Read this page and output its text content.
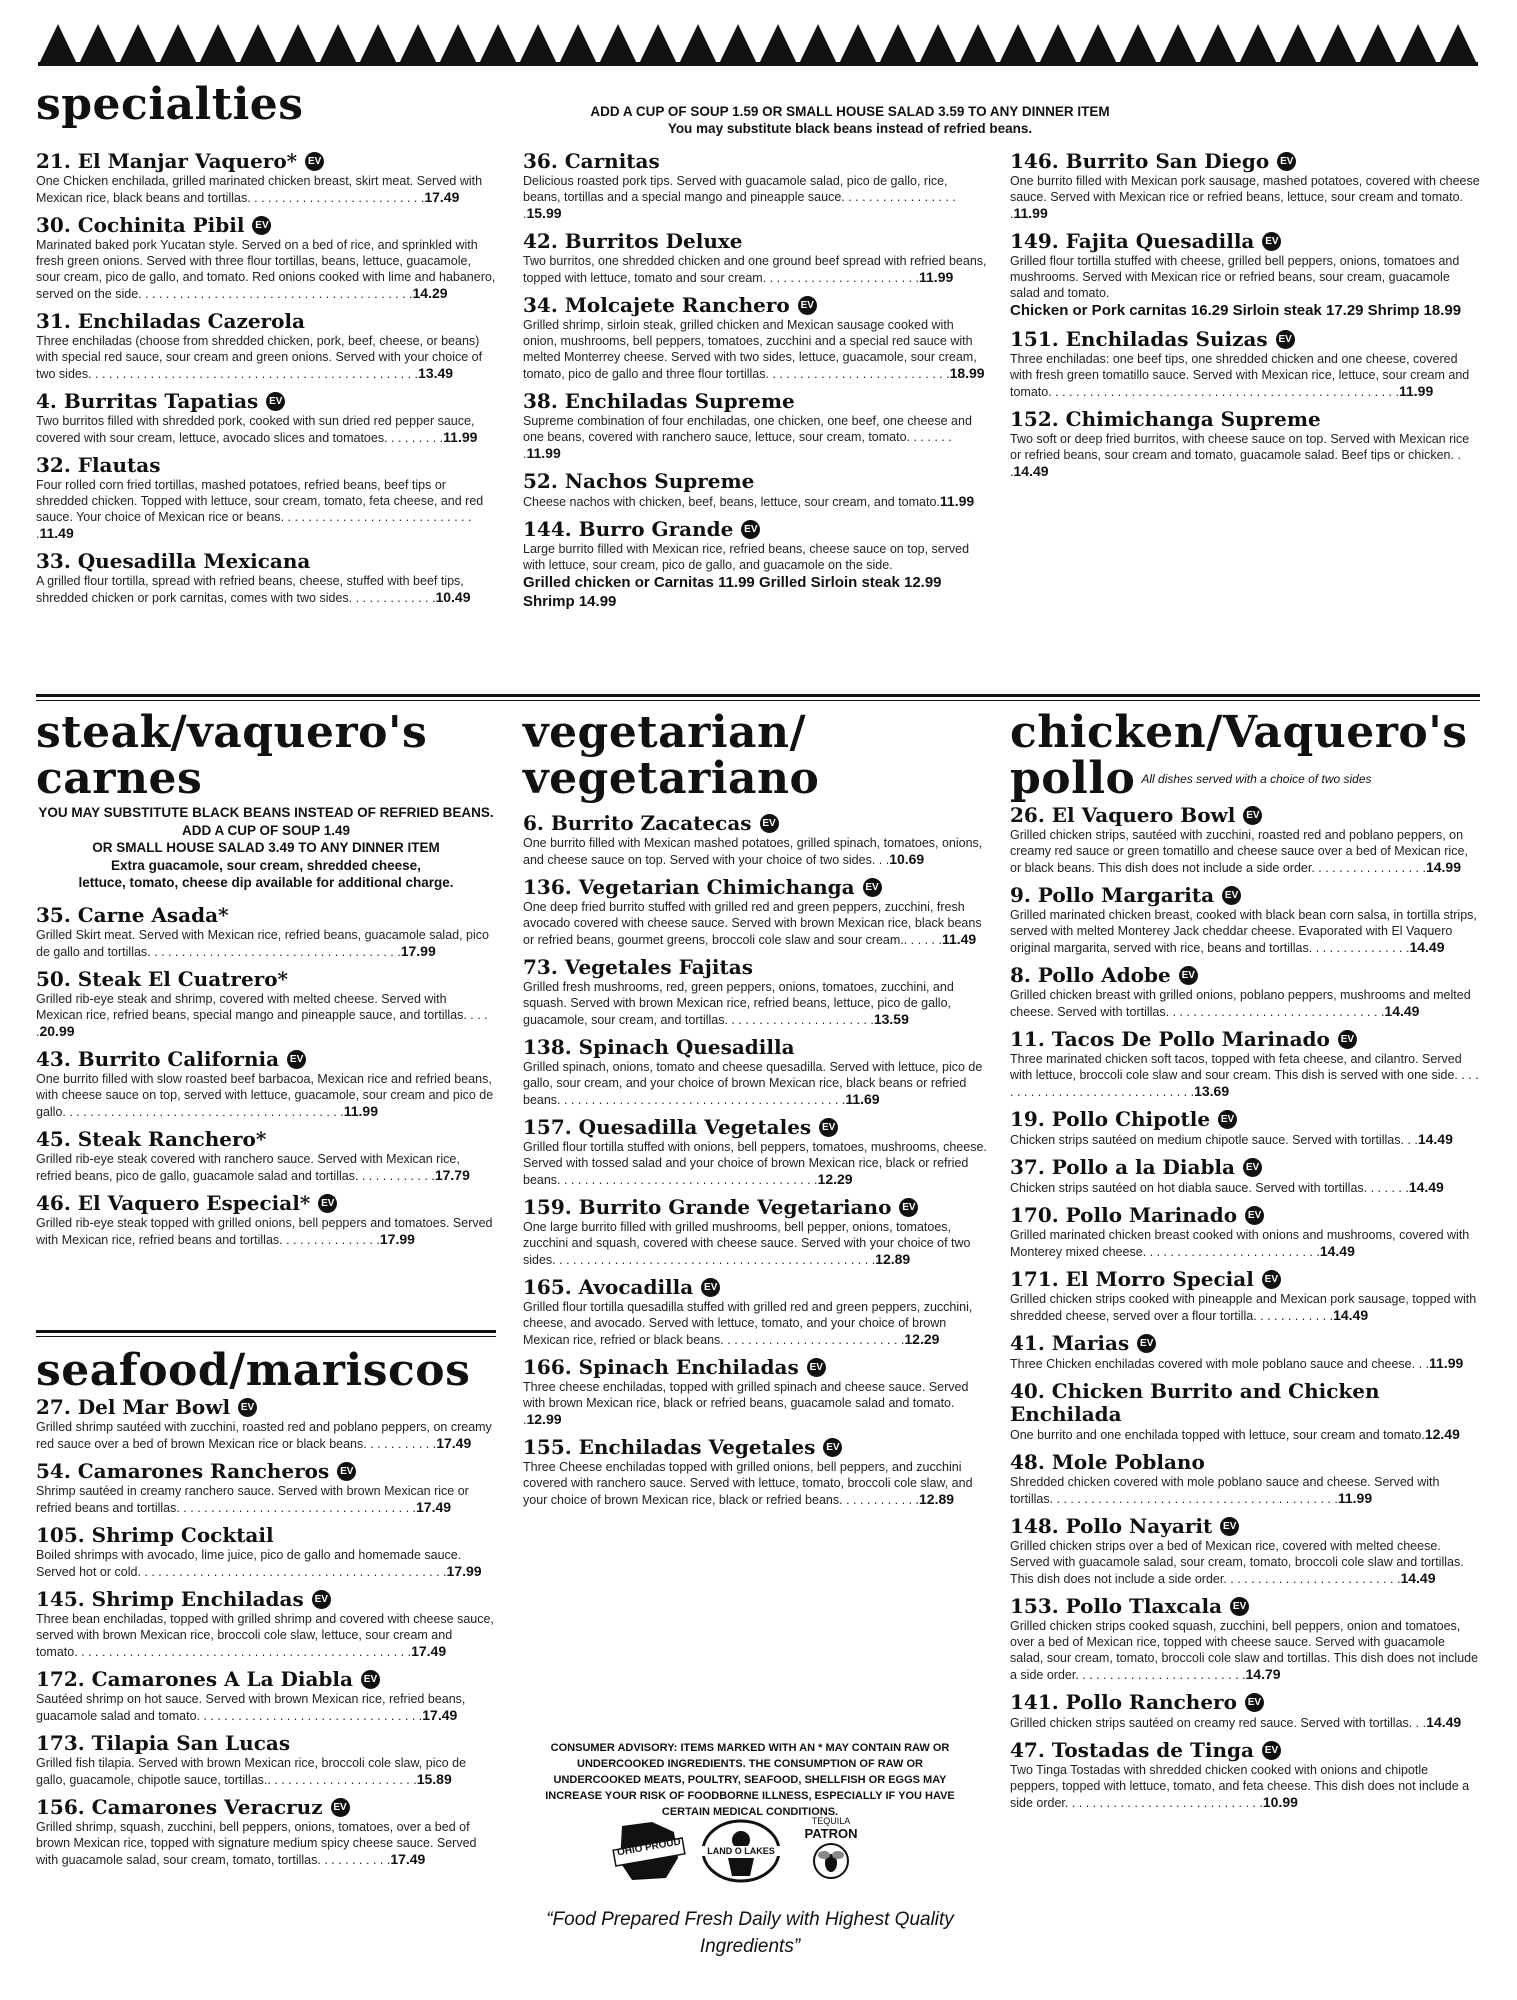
specialties	ADD A CUP OF SOUP 1.59 OR SMALL HOUSE SALAD 3.59 TO ANY DINNER ITEM
You may substitute black beans instead of refried beans.
21. El Manjar Vaquero* EV
One Chicken enchilada, grilled marinated chicken breast, skirt meat. Served with Mexican rice, black beans and tortillas. . . . . . . . . . . . . . . . . . . . . . . . . .17.49
30. Cochinita Pibil EV
Marinated baked pork Yucatan style. Served on a bed of rice, and sprinkled with fresh green onions. Served with three flour tortillas, beans, lettuce, guacamole, sour cream, pico de gallo, and tomato. Red onions cooked with lime and habanero, served on the side. . . . . . . . . . . . . . . . . . . . . . . . . . . . . . . . . . . . . . . .14.29
31. Enchiladas Cazerola
Three enchiladas (choose from shredded chicken, pork, beef, cheese, or beans) with special red sauce, sour cream and green onions. Served with your choice of two sides. . . . . . . . . . . . . . . . . . . . . . . . . . . . . . . . . . . . . . . . . . . . . . . .13.49
4. Burritas Tapatias EV
Two burritos filled with shredded pork, cooked with sun dried red pepper sauce, covered with sour cream, lettuce, avocado slices and tomatoes. . . . . . . . .11.99
32. Flautas
Four rolled corn fried tortillas, mashed potatoes, refried beans, beef tips or shredded chicken. Topped with lettuce, sour cream, tomato, feta cheese, and red sauce. Your choice of Mexican rice or beans. . . . . . . . . . . . . . . . . . . . . . . . . . . . .11.49
33. Quesadilla Mexicana
A grilled flour tortilla, spread with refried beans, cheese, stuffed with beef tips, shredded chicken or pork carnitas, comes with two sides. . . . . . . . . . . . .10.49
36. Carnitas
Delicious roasted pork tips. Served with guacamole salad, pico de gallo, rice, beans, tortillas and a special mango and pineapple sauce. . . . . . . . . . . . . . . . . .15.99
42. Burritos Deluxe
Two burritos, one shredded chicken and one ground beef spread with refried beans, topped with lettuce, tomato and sour cream. . . . . . . . . . . . . . . . . . . . . . .11.99
34. Molcajete Ranchero EV
Grilled shrimp, sirloin steak, grilled chicken and Mexican sausage cooked with onion, mushrooms, bell peppers, tomatoes, zucchini and a special red sauce with melted Monterrey cheese. Served with two sides, lettuce, guacamole, sour cream, tomato, pico de gallo and three flour tortillas. . . . . . . . . . . . . . . . . . . . . . . . . . .18.99
38. Enchiladas Supreme
Supreme combination of four enchiladas, one chicken, one beef, one cheese and one beans, covered with ranchero sauce, lettuce, sour cream, tomato. . . . . . . .11.99
52. Nachos Supreme
Cheese nachos with chicken, beef, beans, lettuce, sour cream, and tomato.11.99
144. Burro Grande EV
Large burrito filled with Mexican rice, refried beans, cheese sauce on top, served with lettuce, sour cream, pico de gallo, and guacamole on the side.
Grilled chicken or Carnitas 11.99 Grilled Sirloin steak 12.99 Shrimp 14.99
146. Burrito San Diego EV
One burrito filled with Mexican pork sausage, mashed potatoes, covered with cheese sauce. Served with Mexican rice or refried beans, lettuce, sour cream and tomato. .11.99
149. Fajita Quesadilla EV
Grilled flour tortilla stuffed with cheese, grilled bell peppers, onions, tomatoes and mushrooms. Served with Mexican rice or refried beans, sour cream, guacamole salad and tomato.
Chicken or Pork carnitas 16.29 Sirloin steak 17.29 Shrimp 18.99
151. Enchiladas Suizas EV
Three enchiladas: one beef tips, one shredded chicken and one cheese, covered with fresh green tomatillo sauce. Served with Mexican rice, lettuce, sour cream and tomato. . . . . . . . . . . . . . . . . . . . . . . . . . . . . . . . . . . . . . . . . . . . . . . . . . .11.99
152. Chimichanga Supreme
Two soft or deep fried burritos, with cheese sauce on top. Served with Mexican rice or refried beans, sour cream and tomato, guacamole salad. Beef tips or chicken. . .14.49
steak/vaquero's
carnes
YOU MAY SUBSTITUTE BLACK BEANS INSTEAD OF REFRIED BEANS.
ADD A CUP OF SOUP 1.49
OR SMALL HOUSE SALAD 3.49 TO ANY DINNER ITEM
Extra guacamole, sour cream, shredded cheese,
lettuce, tomato, cheese dip available for additional charge.
35. Carne Asada*
Grilled Skirt meat. Served with Mexican rice, refried beans, guacamole salad, pico de gallo and tortillas. . . . . . . . . . . . . . . . . . . . . . . . . . . . . . . . . . . . .17.99
50. Steak El Cuatrero*
Grilled rib-eye steak and shrimp, covered with melted cheese. Served with Mexican rice, refried beans, special mango and pineapple sauce, and tortillas. . . . .20.99
43. Burrito California EV
One burrito filled with slow roasted beef barbacoa, Mexican rice and refried beans, with cheese sauce on top, served with lettuce, guacamole, sour cream and pico de gallo. . . . . . . . . . . . . . . . . . . . . . . . . . . . . . . . . . . . . . . . .11.99
45. Steak Ranchero*
Grilled rib-eye steak covered with ranchero sauce. Served with Mexican rice, refried beans, pico de gallo, guacamole salad and tortillas. . . . . . . . . . . .17.79
46. El Vaquero Especial* EV
Grilled rib-eye steak topped with grilled onions, bell peppers and tomatoes. Served with Mexican rice, refried beans and tortillas. . . . . . . . . . . . . . .17.99
seafood/mariscos
27. Del Mar Bowl EV
Grilled shrimp sautéed with zucchini, roasted red and poblano peppers, on creamy red sauce over a bed of brown Mexican rice or black beans. . . . . . . . . . .17.49
54. Camarones Rancheros EV
Shrimp sautéed in creamy ranchero sauce. Served with brown Mexican rice or refried beans and tortillas. . . . . . . . . . . . . . . . . . . . . . . . . . . . . . . . . . .17.49
105. Shrimp Cocktail
Boiled shrimps with avocado, lime juice, pico de gallo and homemade sauce. Served hot or cold. . . . . . . . . . . . . . . . . . . . . . . . . . . . . . . . . . . . . . . . . . . . .17.99
145. Shrimp Enchiladas EV
Three bean enchiladas, topped with grilled shrimp and covered with cheese sauce, served with brown Mexican rice, broccoli cole slaw, lettuce, sour cream and tomato. . . . . . . . . . . . . . . . . . . . . . . . . . . . . . . . . . . . . . . . . . . . . . . . .17.49
172. Camarones A La Diabla EV
Sautéed shrimp on hot sauce. Served with brown Mexican rice, refried beans, guacamole salad and tomato. . . . . . . . . . . . . . . . . . . . . . . . . . . . . . . . .17.49
173. Tilapia San Lucas
Grilled fish tilapia. Served with brown Mexican rice, broccoli cole slaw, pico de gallo, guacamole, chipotle sauce, tortillas.. . . . . . . . . . . . . . . . . . . . . .15.89
156. Camarones Veracruz EV
Grilled shrimp, squash, zucchini, bell peppers, onions, tomatoes, over a bed of brown Mexican rice, topped with signature medium spicy cheese sauce. Served with guacamole salad, sour cream, tomato, tortillas. . . . . . . . . . .17.49
vegetarian/
vegetariano
6. Burrito Zacatecas EV
One burrito filled with Mexican mashed potatoes, grilled spinach, tomatoes, onions, and cheese sauce on top. Served with your choice of two sides. . .10.69
136. Vegetarian Chimichanga EV
One deep fried burrito stuffed with grilled red and green peppers, zucchini, fresh avocado covered with cheese sauce. Served with brown Mexican rice, black beans or refried beans, gourmet greens, broccoli cole slaw and sour cream.. . . . . .11.49
73. Vegetales Fajitas
Grilled fresh mushrooms, red, green peppers, onions, tomatoes, zucchini, and squash. Served with brown Mexican rice, refried beans, lettuce, pico de gallo, guacamole, sour cream, and tortillas. . . . . . . . . . . . . . . . . . . . . .13.59
138. Spinach Quesadilla
Grilled spinach, onions, tomato and cheese quesadilla. Served with lettuce, pico de gallo, sour cream, and your choice of brown Mexican rice, black beans or refried beans. . . . . . . . . . . . . . . . . . . . . . . . . . . . . . . . . . . . . . . . . .11.69
157. Quesadilla Vegetales EV
Grilled flour tortilla stuffed with onions, bell peppers, tomatoes, mushrooms, cheese. Served with tossed salad and your choice of brown Mexican rice, black or refried beans. . . . . . . . . . . . . . . . . . . . . . . . . . . . . . . . . . . . . .12.29
159. Burrito Grande Vegetariano EV
One large burrito filled with grilled mushrooms, bell pepper, onions, tomatoes, zucchini and squash, covered with cheese sauce. Served with your choice of two sides. . . . . . . . . . . . . . . . . . . . . . . . . . . . . . . . . . . . . . . . . . . . . . .12.89
165. Avocadilla EV
Grilled flour tortilla quesadilla stuffed with grilled red and green peppers, zucchini, cheese, and avocado. Served with lettuce, tomato, and your choice of brown Mexican rice, refried or black beans. . . . . . . . . . . . . . . . . . . . . . . . . . .12.29
166. Spinach Enchiladas EV
Three cheese enchiladas, topped with grilled spinach and cheese sauce. Served with brown Mexican rice, black or refried beans, guacamole salad and tomato. .12.99
155. Enchiladas Vegetales EV
Three Cheese enchiladas topped with grilled onions, bell peppers, and zucchini covered with ranchero sauce. Served with lettuce, tomato, broccoli cole slaw, and your choice of brown Mexican rice, black or refried beans. . . . . . . . . . . .12.89
CONSUMER ADVISORY: ITEMS MARKED WITH AN * MAY CONTAIN RAW OR UNDERCOOKED INGREDIENTS. THE CONSUMPTION OF RAW OR UNDERCOOKED MEATS, POULTRY, SEAFOOD, SHELLFISH OR EGGS MAY INCREASE YOUR RISK OF FOODBORNE ILLNESS, ESPECIALLY IF YOU HAVE CERTAIN MEDICAL CONDITIONS.
OHIO PROUD	LAND O LAKES
TEQUILA
PATRON
“Food Prepared Fresh Daily with Highest Quality Ingredients”
chicken/Vaquero's
pollo All dishes served with a choice of two sides
26. El Vaquero Bowl EV
Grilled chicken strips, sautéed with zucchini, roasted red and poblano peppers, on creamy red sauce or green tomatillo and cheese sauce over a bed of Mexican rice, or black beans. This dish does not include a side order. . . . . . . . . . . . . . . . .14.99
9. Pollo Margarita EV
Grilled marinated chicken breast, cooked with black bean corn salsa, in tortilla strips, served with melted Monterey Jack cheddar cheese. Evaporated with El Vaquero original margarita, served with rice, beans and tortillas. . . . . . . . . . . . . . .14.49
8. Pollo Adobe EV
Grilled chicken breast with grilled onions, poblano peppers, mushrooms and melted cheese. Served with tortillas. . . . . . . . . . . . . . . . . . . . . . . . . . . . . . . .14.49
11. Tacos De Pollo Marinado EV
Three marinated chicken soft tacos, topped with feta cheese, and cilantro. Served with lettuce, broccoli cole slaw and sour cream. This dish is served with one side. . . . . . . . . . . . . . . . . . . . . . . . . . . . . . .13.69
19. Pollo Chipotle EV
Chicken strips sautéed on medium chipotle sauce. Served with tortillas. . .14.49
37. Pollo a la Diabla EV
Chicken strips sautéed on hot diabla sauce. Served with tortillas. . . . . . .14.49
170. Pollo Marinado EV
Grilled marinated chicken breast cooked with onions and mushrooms, covered with Monterey mixed cheese. . . . . . . . . . . . . . . . . . . . . . . . . .14.49
171. El Morro Special EV
Grilled chicken strips cooked with pineapple and Mexican pork sausage, topped with shredded cheese, served over a flour tortilla. . . . . . . . . . . .14.49
41. Marias EV
Three Chicken enchiladas covered with mole poblano sauce and cheese. . .11.99
40. Chicken Burrito and Chicken Enchilada
One burrito and one enchilada topped with lettuce, sour cream and tomato.12.49
48. Mole Poblano
Shredded chicken covered with mole poblano sauce and cheese. Served with tortillas. . . . . . . . . . . . . . . . . . . . . . . . . . . . . . . . . . . . . . . . . .11.99
148. Pollo Nayarit EV
Grilled chicken strips over a bed of Mexican rice, covered with melted cheese. Served with guacamole salad, sour cream, tomato, broccoli cole slaw and tortillas. This dish does not include a side order. . . . . . . . . . . . . . . . . . . . . . . . . .14.49
153. Pollo Tlaxcala EV
Grilled chicken strips cooked squash, zucchini, bell peppers, onion and tomatoes, over a bed of Mexican rice, topped with cheese sauce. Served with guacamole salad, sour cream, tomato, broccoli cole slaw and tortillas. This dish does not include a side order. . . . . . . . . . . . . . . . . . . . . . . . .14.79
141. Pollo Ranchero EV
Grilled chicken strips sautéed on creamy red sauce. Served with tortillas. . .14.49
47. Tostadas de Tinga EV
Two Tinga Tostadas with shredded chicken cooked with onions and chipotle peppers, topped with lettuce, tomato, and feta cheese. This dish does not include a side order. . . . . . . . . . . . . . . . . . . . . . . . . . . . .10.99
